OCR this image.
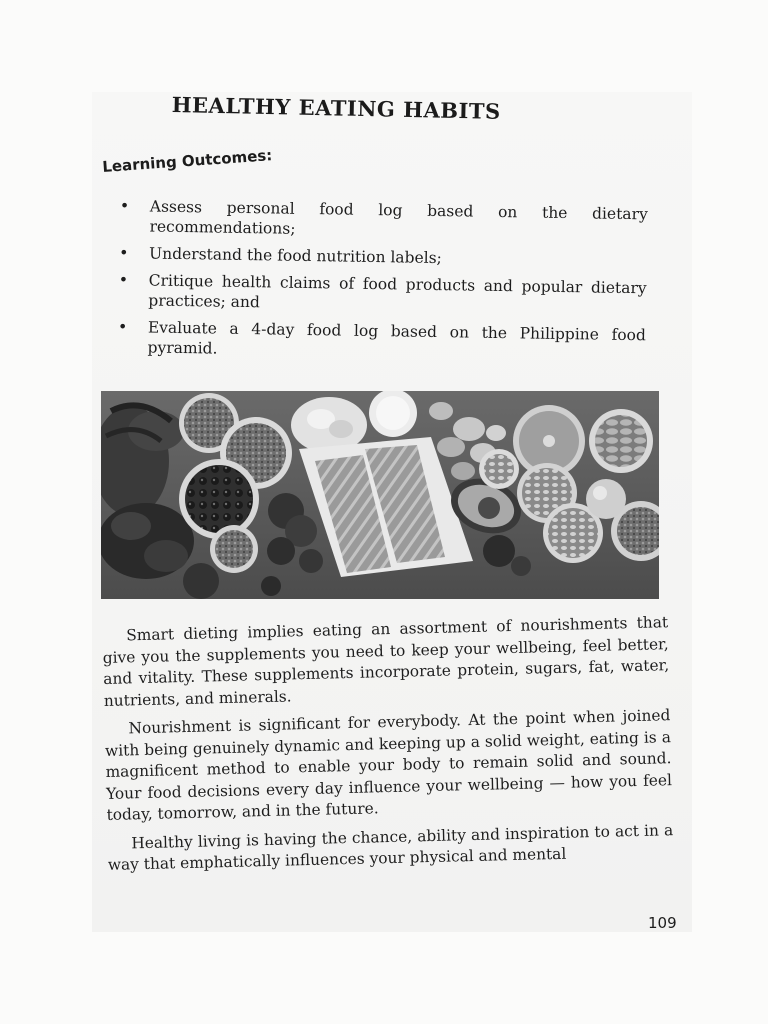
HEALTHY EATING HABITS
Learning Outcomes:
• Assess personal food log based on the dietary recommendations;
• Understand the food nutrition labels;
• Critique health claims of food products and popular dietary practices; and
• Evaluate a 4-day food log based on the Philippine food pyramid.

Smart dieting implies eating an assortment of nourishments that give you the supplements you need to keep your wellbeing, feel better, and vitality. These supplements incorporate protein, sugars, fat, water, nutrients, and minerals.

Nourishment is significant for everybody. At the point when joined with being genuinely dynamic and keeping up a solid weight, eating is a magnificent method to enable your body to remain solid and sound. Your food decisions every day influence your wellbeing — how you feel today, tomorrow, and in the future.

Healthy living is having the chance, ability and inspiration to act in a way that emphatically influences your physical and mental

109
